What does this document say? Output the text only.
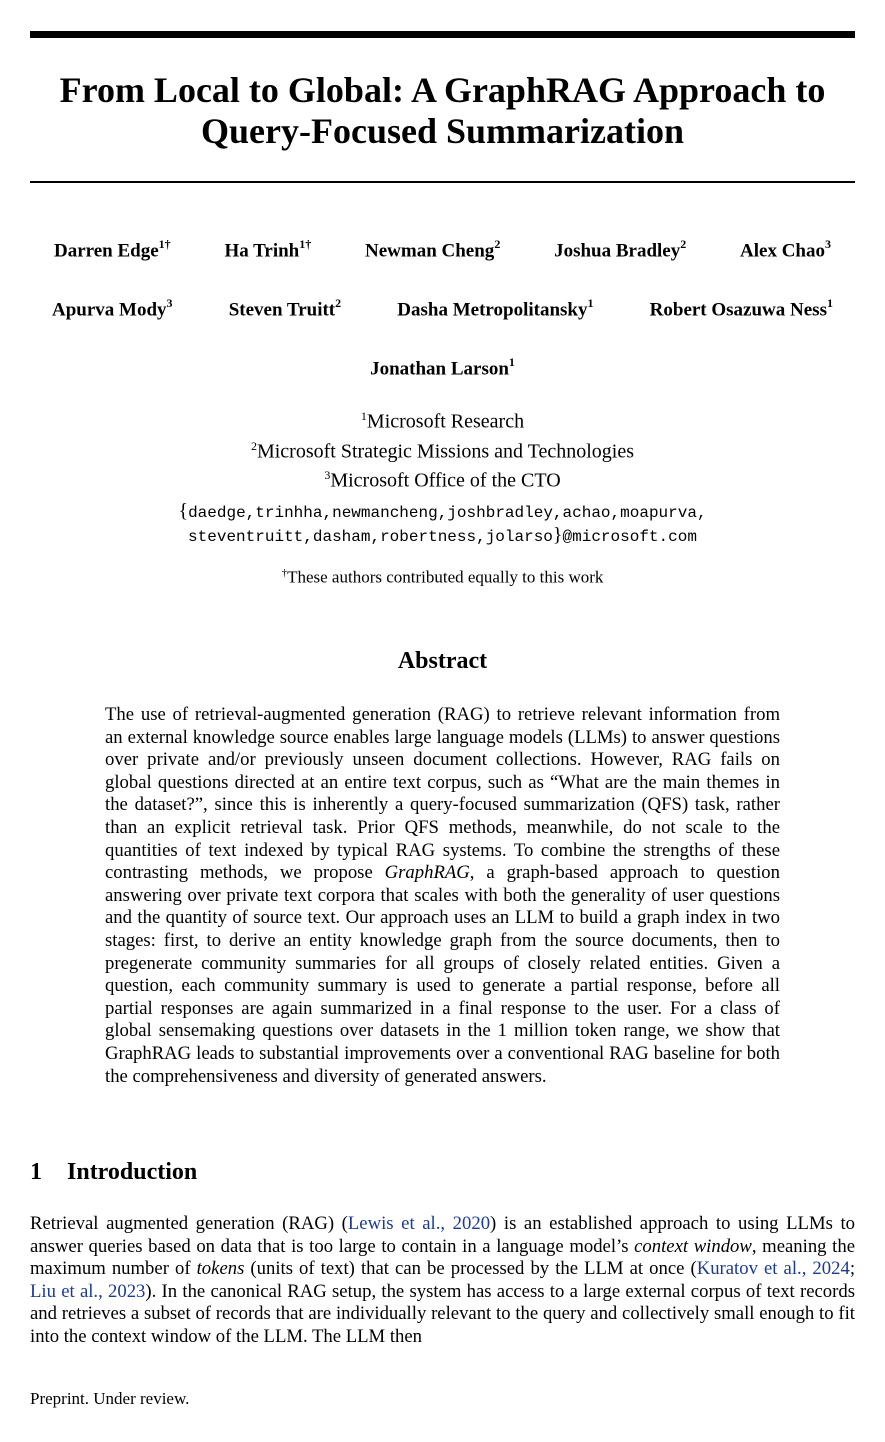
From Local to Global: A GraphRAG Approach to
Query-Focused Summarization
Darren Edge$^{1\dagger}$	Ha Trinh$^{1\dagger}$	Newman Cheng$^2$	Joshua Bradley$^2$	Alex Chao$^3$
Apurva Mody$^3$	Steven Truitt$^2$	Dasha Metropolitansky$^1$	Robert Osazuwa Ness$^1$
Jonathan Larson$^1$
$^1$Microsoft Research
$^2$Microsoft Strategic Missions and Technologies
$^3$Microsoft Office of the CTO
{daedge,trinhha,newmancheng,joshbradley,achao,moapurva,
steventruitt,dasham,robertness,jolarso}@microsoft.com
†These authors contributed equally to this work
Abstract

The use of retrieval-augmented generation (RAG) to retrieve relevant information from an external knowledge source enables large language models (LLMs) to answer questions over private and/or previously unseen document collections. However, RAG fails on global questions directed at an entire text corpus, such as “What are the main themes in the dataset?”, since this is inherently a query-focused summarization (QFS) task, rather than an explicit retrieval task. Prior QFS methods, meanwhile, do not scale to the quantities of text indexed by typical RAG systems. To combine the strengths of these contrasting methods, we propose GraphRAG, a graph-based approach to question answering over private text corpora that scales with both the generality of user questions and the quantity of source text. Our approach uses an LLM to build a graph index in two stages: first, to derive an entity knowledge graph from the source documents, then to pregenerate community summaries for all groups of closely related entities. Given a question, each community summary is used to generate a partial response, before all partial responses are again summarized in a final response to the user. For a class of global sensemaking questions over datasets in the 1 million token range, we show that GraphRAG leads to substantial improvements over a conventional RAG baseline for both the comprehensiveness and diversity of generated answers.

1 Introduction

Retrieval augmented generation (RAG) (Lewis et al., 2020) is an established approach to using LLMs to answer queries based on data that is too large to contain in a language model’s context window, meaning the maximum number of tokens (units of text) that can be processed by the LLM at once (Kuratov et al., 2024; Liu et al., 2023). In the canonical RAG setup, the system has access to a large external corpus of text records and retrieves a subset of records that are individually relevant to the query and collectively small enough to fit into the context window of the LLM. The LLM then

Preprint. Under review.
